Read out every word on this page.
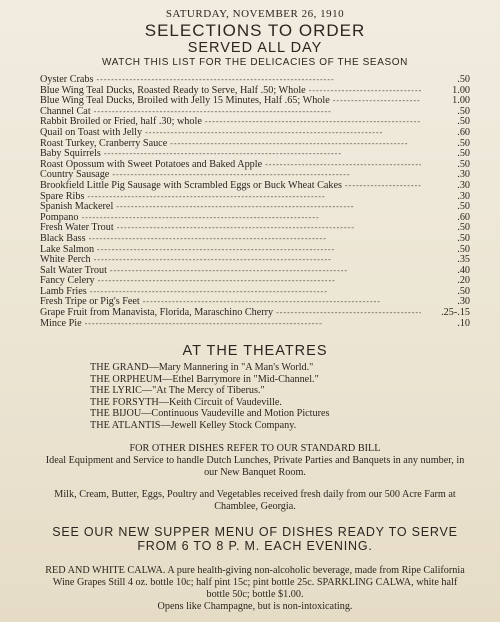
SATURDAY, NOVEMBER 26, 1910

SELECTIONS TO ORDER

SERVED ALL DAY

WATCH THIS LIST FOR THE DELICACIES OF THE SEASON

Oyster Crabs - - -	.50
Blue Wing Teal Ducks, Roasted Ready to Serve, Half .50; Whole - - -	1.00
Blue Wing Teal Ducks, Broiled with Jelly 15 Minutes, Half .65; Whole - - -	1.00
Channel Cat - - -	.50
Rabbit Broiled or Fried, half .30; whole - - -	.50
Quail on Toast with Jelly - - -	.60
Roast Turkey, Cranberry Sauce - - -	.50
Baby Squirrels - - -	.50
Roast Opossum with Sweet Potatoes and Baked Apple - - -	.50
Country Sausage - - -	.30
Brookfield Little Pig Sausage with Scrambled Eggs or Buck Wheat Cakes - - -	.30
Spare Ribs - - -	.30
Spanish Mackerel - - -	.50
Pompano - - -	.60
Fresh Water Trout - - -	.50
Black Bass - - -	.50
Lake Salmon - - -	.50
White Perch - - -	.35
Salt Water Trout - - -	.40
Fancy Celery - - -	.20
Lamb Fries - - -	.50
Fresh Tripe or Pig's Feet - - -	.30
Grape Fruit from Manavista, Florida, Maraschino Cherry - - -	.25-.15
Mince Pie - - -	.10

AT THE THEATRES

THE GRAND—Mary Mannering in "A Man's World."
THE ORPHEUM—Ethel Barrymore in "Mid-Channel."
THE LYRIC—"At The Mercy of Tiberus."
THE FORSYTH—Keith Circuit of Vaudeville.
THE BIJOU—Continuous Vaudeville and Motion Pictures
THE ATLANTIS—Jewell Kelley Stock Company.

FOR OTHER DISHES REFER TO OUR STANDARD BILL

Ideal Equipment and Service to handle Dutch Lunches, Private Parties and Banquets in any number, in our New Banquet Room.

Milk, Cream, Butter, Eggs, Poultry and Vegetables received fresh daily from our 500 Acre Farm at Chamblee, Georgia.

SEE OUR NEW SUPPER MENU OF DISHES READY TO SERVE FROM 6 TO 8 P. M. EACH EVENING.

RED AND WHITE CALWA. A pure health-giving non-alcoholic beverage, made from Ripe California Wine Grapes Still 4 oz. bottle 10c; half pint 15c; pint bottle 25c. SPARKLING CALWA, white half bottle 50c; bottle $1.00.

Opens like Champagne, but is non-intoxicating.
